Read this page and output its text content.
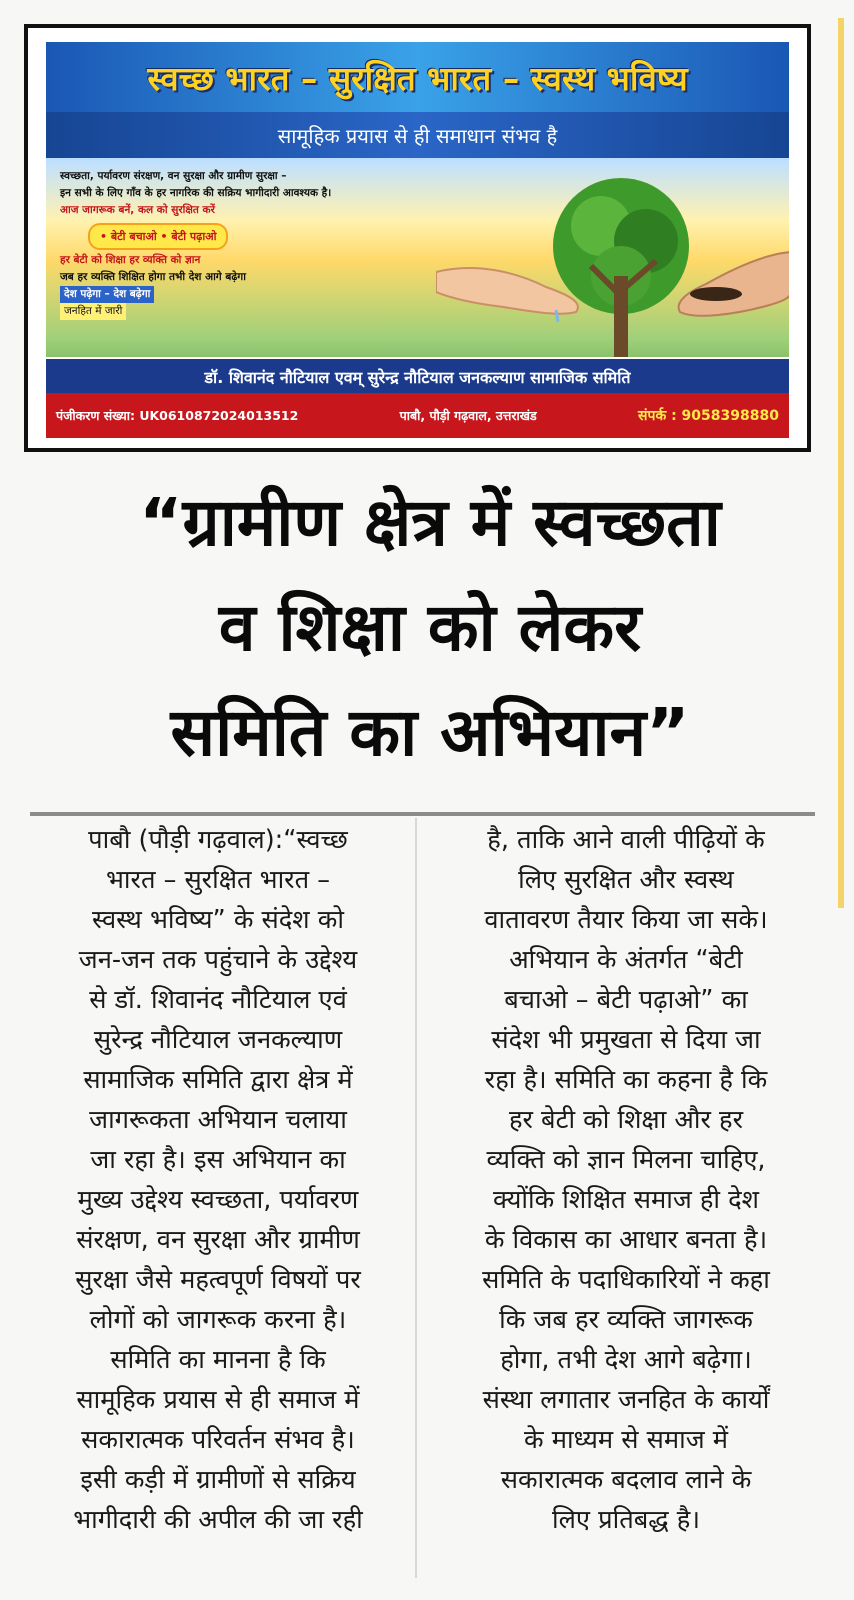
स्वच्छ भारत – सुरक्षित भारत – स्वस्थ भविष्य
सामूहिक प्रयास से ही समाधान संभव है
स्वच्छता, पर्यावरण संरक्षण, वन सुरक्षा और ग्रामीण सुरक्षा –
इन सभी के लिए गाँव के हर नागरिक की सक्रिय भागीदारी आवश्यक है।
आज जागरूक बनें, कल को सुरक्षित करें
• बेटी बचाओ • बेटी पढ़ाओ
हर बेटी को शिक्षा हर व्यक्ति को ज्ञान
जब हर व्यक्ति शिक्षित होगा तभी देश आगे बढ़ेगा
देश पढ़ेगा – देश बढ़ेगा
जनहित में जारी
डॉ. शिवानंद नौटियाल एवम् सुरेन्द्र नौटियाल जनकल्याण सामाजिक समिति
पंजीकरण संख्या: UK0610872024013512	पाबौ, पौड़ी गढ़वाल, उत्तराखंड	संपर्क : 9058398880
“ग्रामीण क्षेत्र में स्वच्छता
व शिक्षा को लेकर
समिति का अभियान”
पाबौ (पौड़ी गढ़वाल):“स्वच्छ
भारत – सुरक्षित भारत –
स्वस्थ भविष्य” के संदेश को
जन-जन तक पहुंचाने के उद्देश्य
से डॉ. शिवानंद नौटियाल एवं
सुरेन्द्र नौटियाल जनकल्याण
सामाजिक समिति द्वारा क्षेत्र में
जागरूकता अभियान चलाया
जा रहा है। इस अभियान का
मुख्य उद्देश्य स्वच्छता, पर्यावरण
संरक्षण, वन सुरक्षा और ग्रामीण
सुरक्षा जैसे महत्वपूर्ण विषयों पर
लोगों को जागरूक करना है।
समिति का मानना है कि
सामूहिक प्रयास से ही समाज में
सकारात्मक परिवर्तन संभव है।
इसी कड़ी में ग्रामीणों से सक्रिय
भागीदारी की अपील की जा रही
है, ताकि आने वाली पीढ़ियों के
लिए सुरक्षित और स्वस्थ
वातावरण तैयार किया जा सके।
अभियान के अंतर्गत “बेटी
बचाओ – बेटी पढ़ाओ” का
संदेश भी प्रमुखता से दिया जा
रहा है। समिति का कहना है कि
हर बेटी को शिक्षा और हर
व्यक्ति को ज्ञान मिलना चाहिए,
क्योंकि शिक्षित समाज ही देश
के विकास का आधार बनता है।
समिति के पदाधिकारियों ने कहा
कि जब हर व्यक्ति जागरूक
होगा, तभी देश आगे बढ़ेगा।
संस्था लगातार जनहित के कार्यों
के माध्यम से समाज में
सकारात्मक बदलाव लाने के
लिए प्रतिबद्ध है।
